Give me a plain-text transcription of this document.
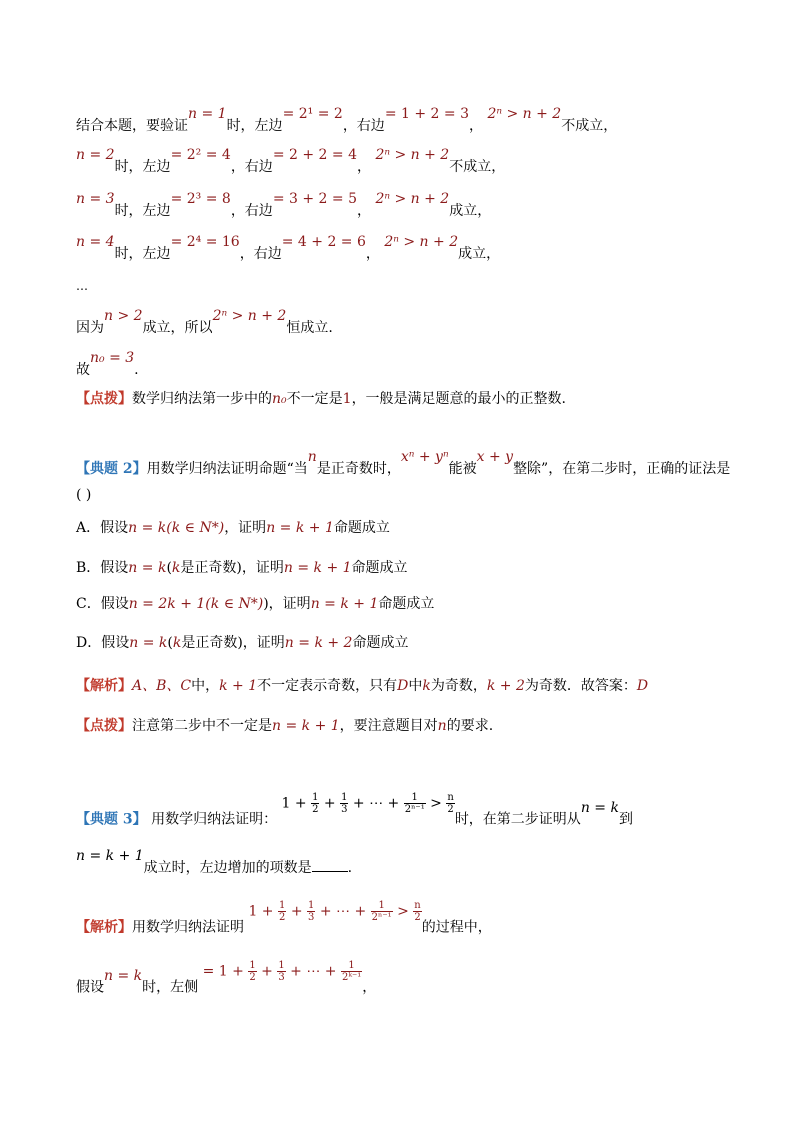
结合本题，要验证n = 1时，左边= 2¹ = 2，右边= 1 + 2 = 3， 2ⁿ > n + 2不成立，
n = 2时，左边= 2² = 4，右边= 2 + 2 = 4， 2ⁿ > n + 2不成立，
n = 3时，左边= 2³ = 8，右边= 3 + 2 = 5， 2ⁿ > n + 2成立，
n = 4时，左边= 2⁴ = 16，右边= 4 + 2 = 6， 2ⁿ > n + 2成立，
…
因为n > 2成立，所以2ⁿ > n + 2恒成立.
故n₀ = 3.
【点拨】数学归纳法第一步中的n₀不一定是1，一般是满足题意的最小的正整数.
【典题 2】用数学归纳法证明命题“当n是正奇数时，xⁿ + yⁿ能被x + y整除”，在第二步时，正确的证法是
( )
A．假设n = k(k ∈ N*)，证明n = k + 1命题成立
B．假设n = k(k是正奇数)，证明n = k + 1命题成立
C．假设n = 2k + 1(k ∈ N*))，证明n = k + 1命题成立
D．假设n = k(k是正奇数)，证明n = k + 2命题成立
【解析】A、B、C中，k + 1不一定表示奇数，只有D中k为奇数，k + 2为奇数．故答案：D
【点拨】注意第二步中不一定是n = k + 1，要注意题目对n的要求.
【典题 3】 用数学归纳法证明： $1 + \frac{1}{2} + \frac{1}{3}$ + ⋯ + $\frac{1}{\text{2ⁿ⁻¹}} > \frac{n}{2}$
时，在第二步证明从n = k到
n = k + 1成立时，左边增加的项数是	.
【解析】用数学归纳法证明 $1 + \frac{1}{2} + \frac{1}{3}$ + ⋯ + $\frac{1}{\text{2ⁿ⁻¹}} > \frac{n}{2}$
的过程中，
假设n = k时，左侧 = $1 + \frac{1}{2} + \frac{1}{3}$ + ⋯ + $\frac{1}{\text{2ᵏ⁻¹}}$
，
